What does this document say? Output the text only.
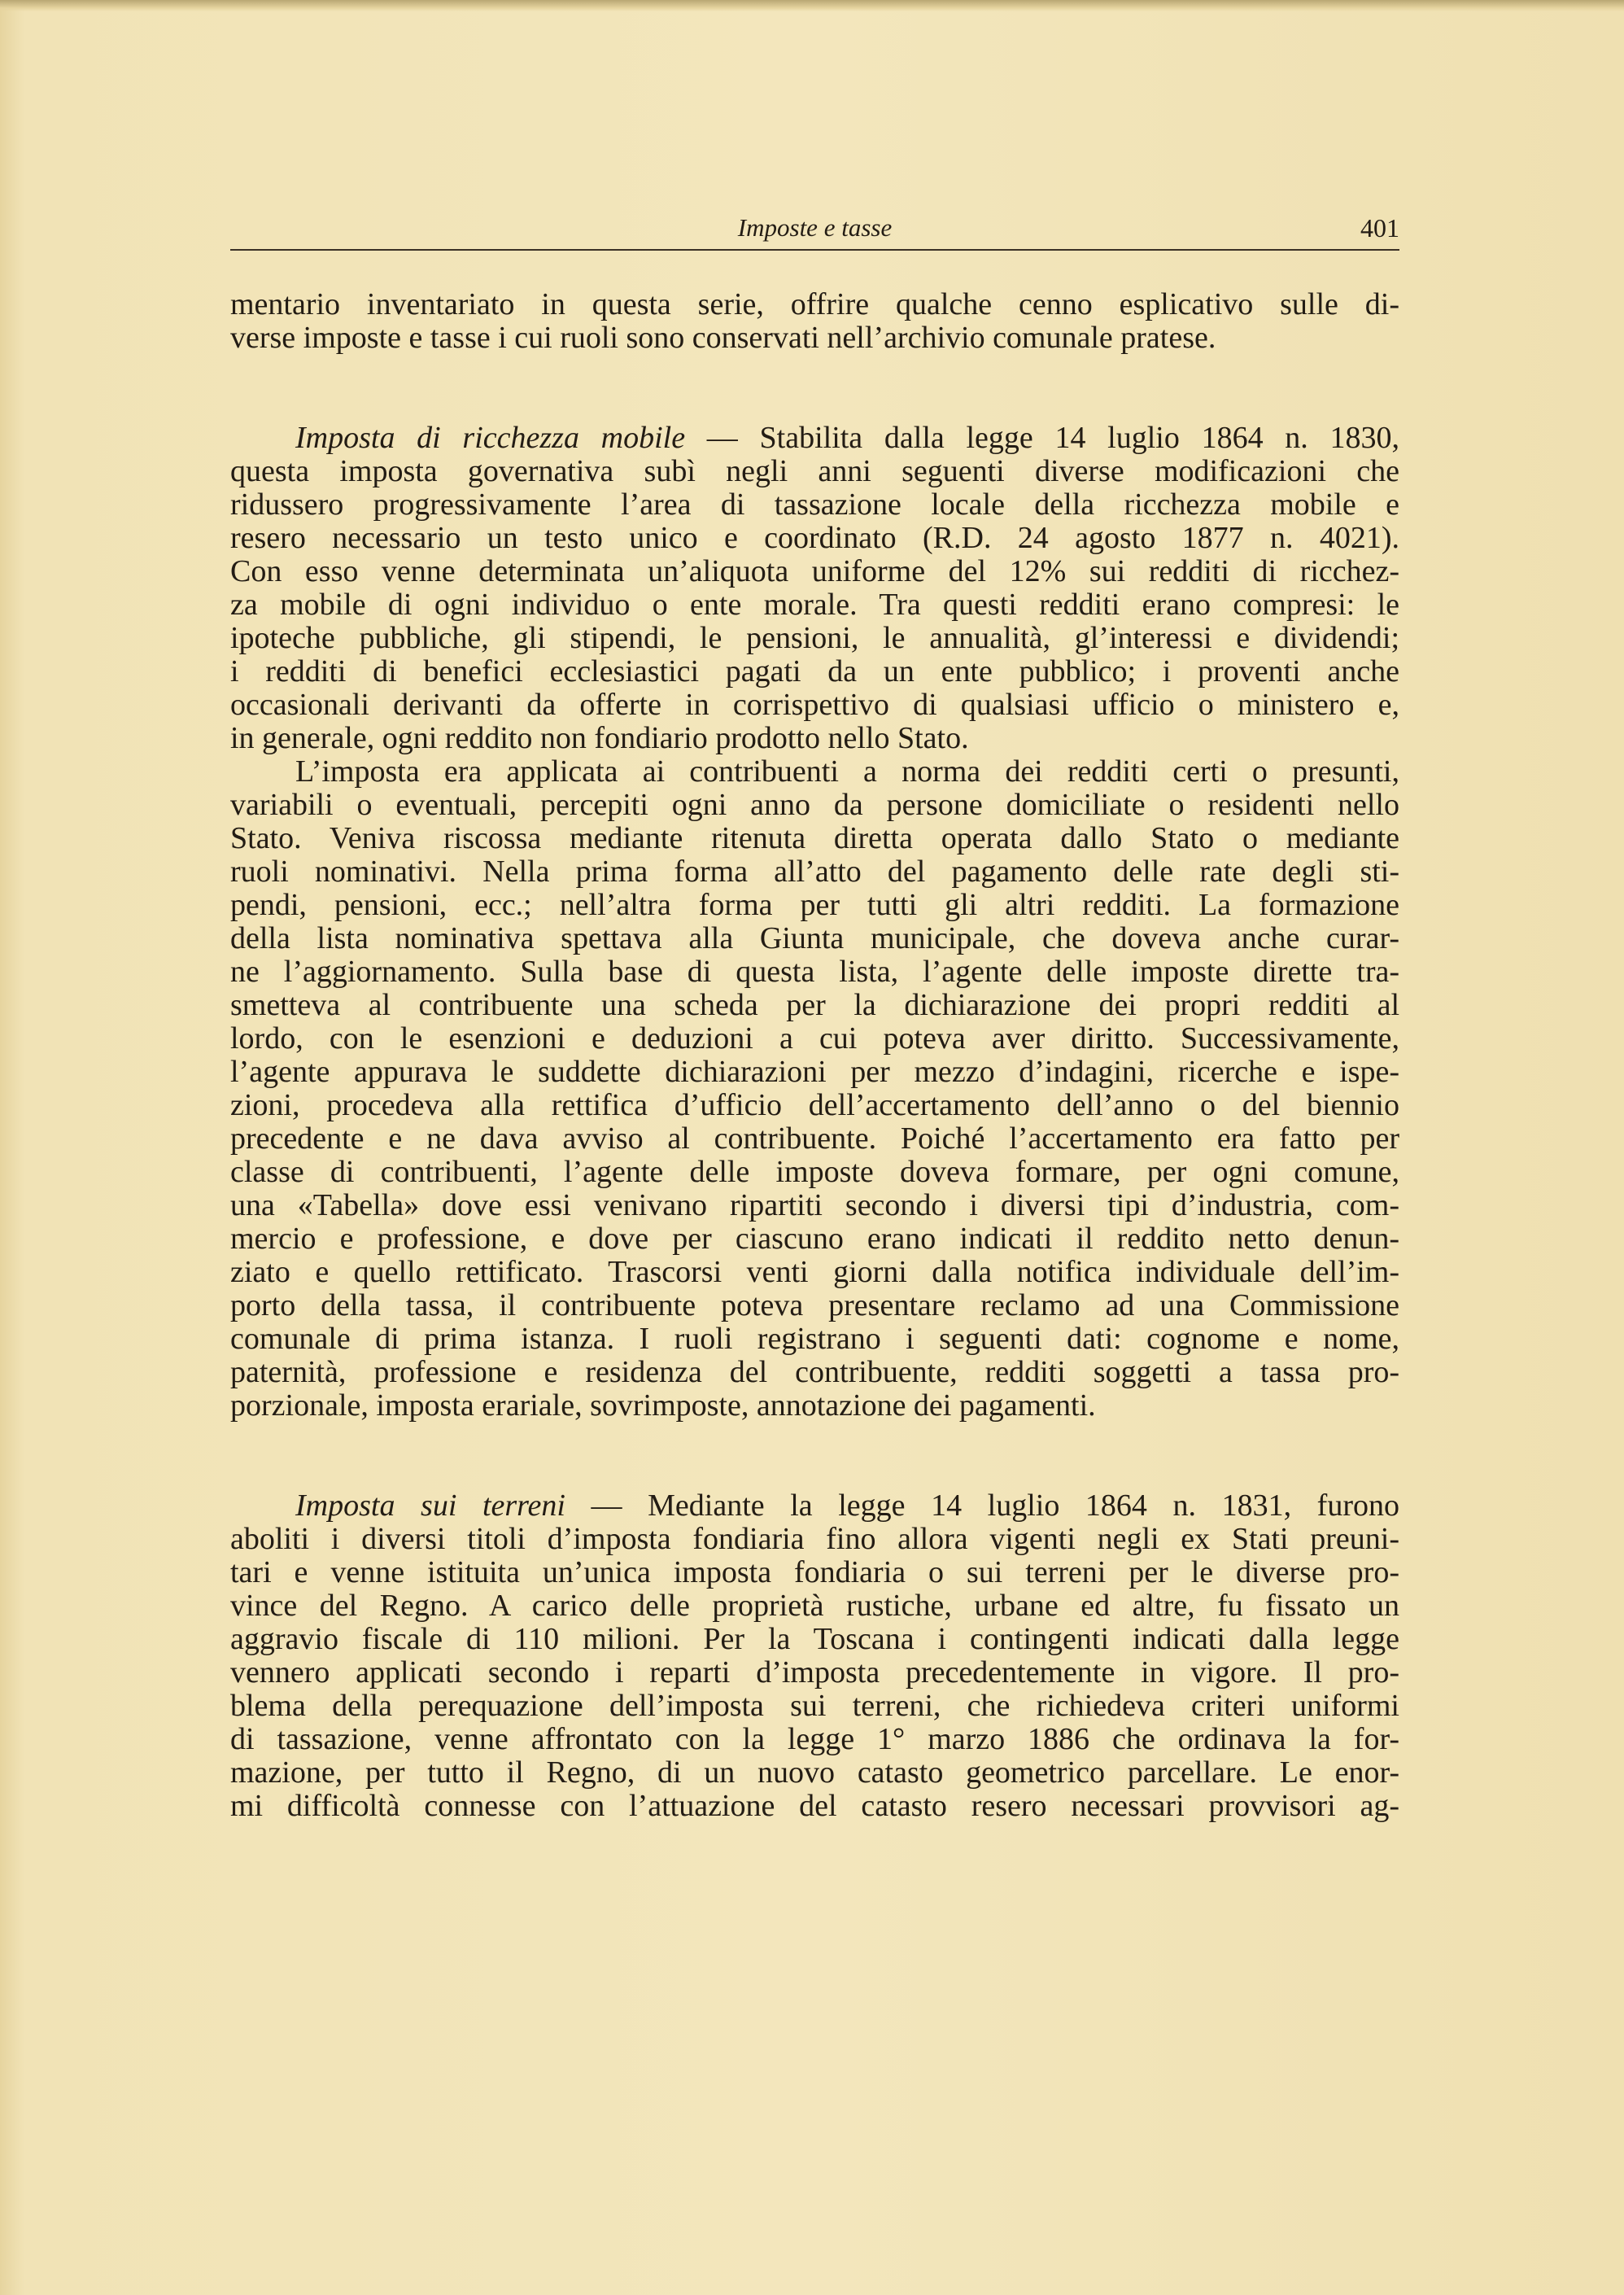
Imposte e tasse	401
mentario inventariato in questa serie, offrire qualche cenno esplicativo sulle di-
verse imposte e tasse i cui ruoli sono conservati nell’archivio comunale pratese.
Imposta di ricchezza mobile — Stabilita dalla legge 14 luglio 1864 n. 1830,
questa imposta governativa subì negli anni seguenti diverse modificazioni che
ridussero progressivamente l’area di tassazione locale della ricchezza mobile e
resero necessario un testo unico e coordinato (R.D. 24 agosto 1877 n. 4021).
Con esso venne determinata un’aliquota uniforme del 12% sui redditi di ricchez-
za mobile di ogni individuo o ente morale. Tra questi redditi erano compresi: le
ipoteche pubbliche, gli stipendi, le pensioni, le annualità, gl’interessi e dividendi;
i redditi di benefici ecclesiastici pagati da un ente pubblico; i proventi anche
occasionali derivanti da offerte in corrispettivo di qualsiasi ufficio o ministero e,
in generale, ogni reddito non fondiario prodotto nello Stato.
L’imposta era applicata ai contribuenti a norma dei redditi certi o presunti,
variabili o eventuali, percepiti ogni anno da persone domiciliate o residenti nello
Stato. Veniva riscossa mediante ritenuta diretta operata dallo Stato o mediante
ruoli nominativi. Nella prima forma all’atto del pagamento delle rate degli sti-
pendi, pensioni, ecc.; nell’altra forma per tutti gli altri redditi. La formazione
della lista nominativa spettava alla Giunta municipale, che doveva anche curar-
ne l’aggiornamento. Sulla base di questa lista, l’agente delle imposte dirette tra-
smetteva al contribuente una scheda per la dichiarazione dei propri redditi al
lordo, con le esenzioni e deduzioni a cui poteva aver diritto. Successivamente,
l’agente appurava le suddette dichiarazioni per mezzo d’indagini, ricerche e ispe-
zioni, procedeva alla rettifica d’ufficio dell’accertamento dell’anno o del biennio
precedente e ne dava avviso al contribuente. Poiché l’accertamento era fatto per
classe di contribuenti, l’agente delle imposte doveva formare, per ogni comune,
una «Tabella» dove essi venivano ripartiti secondo i diversi tipi d’industria, com-
mercio e professione, e dove per ciascuno erano indicati il reddito netto denun-
ziato e quello rettificato. Trascorsi venti giorni dalla notifica individuale dell’im-
porto della tassa, il contribuente poteva presentare reclamo ad una Commissione
comunale di prima istanza. I ruoli registrano i seguenti dati: cognome e nome,
paternità, professione e residenza del contribuente, redditi soggetti a tassa pro-
porzionale, imposta erariale, sovrimposte, annotazione dei pagamenti.
Imposta sui terreni — Mediante la legge 14 luglio 1864 n. 1831, furono
aboliti i diversi titoli d’imposta fondiaria fino allora vigenti negli ex Stati preuni-
tari e venne istituita un’unica imposta fondiaria o sui terreni per le diverse pro-
vince del Regno. A carico delle proprietà rustiche, urbane ed altre, fu fissato un
aggravio fiscale di 110 milioni. Per la Toscana i contingenti indicati dalla legge
vennero applicati secondo i reparti d’imposta precedentemente in vigore. Il pro-
blema della perequazione dell’imposta sui terreni, che richiedeva criteri uniformi
di tassazione, venne affrontato con la legge 1° marzo 1886 che ordinava la for-
mazione, per tutto il Regno, di un nuovo catasto geometrico parcellare. Le enor-
mi difficoltà connesse con l’attuazione del catasto resero necessari provvisori ag-
